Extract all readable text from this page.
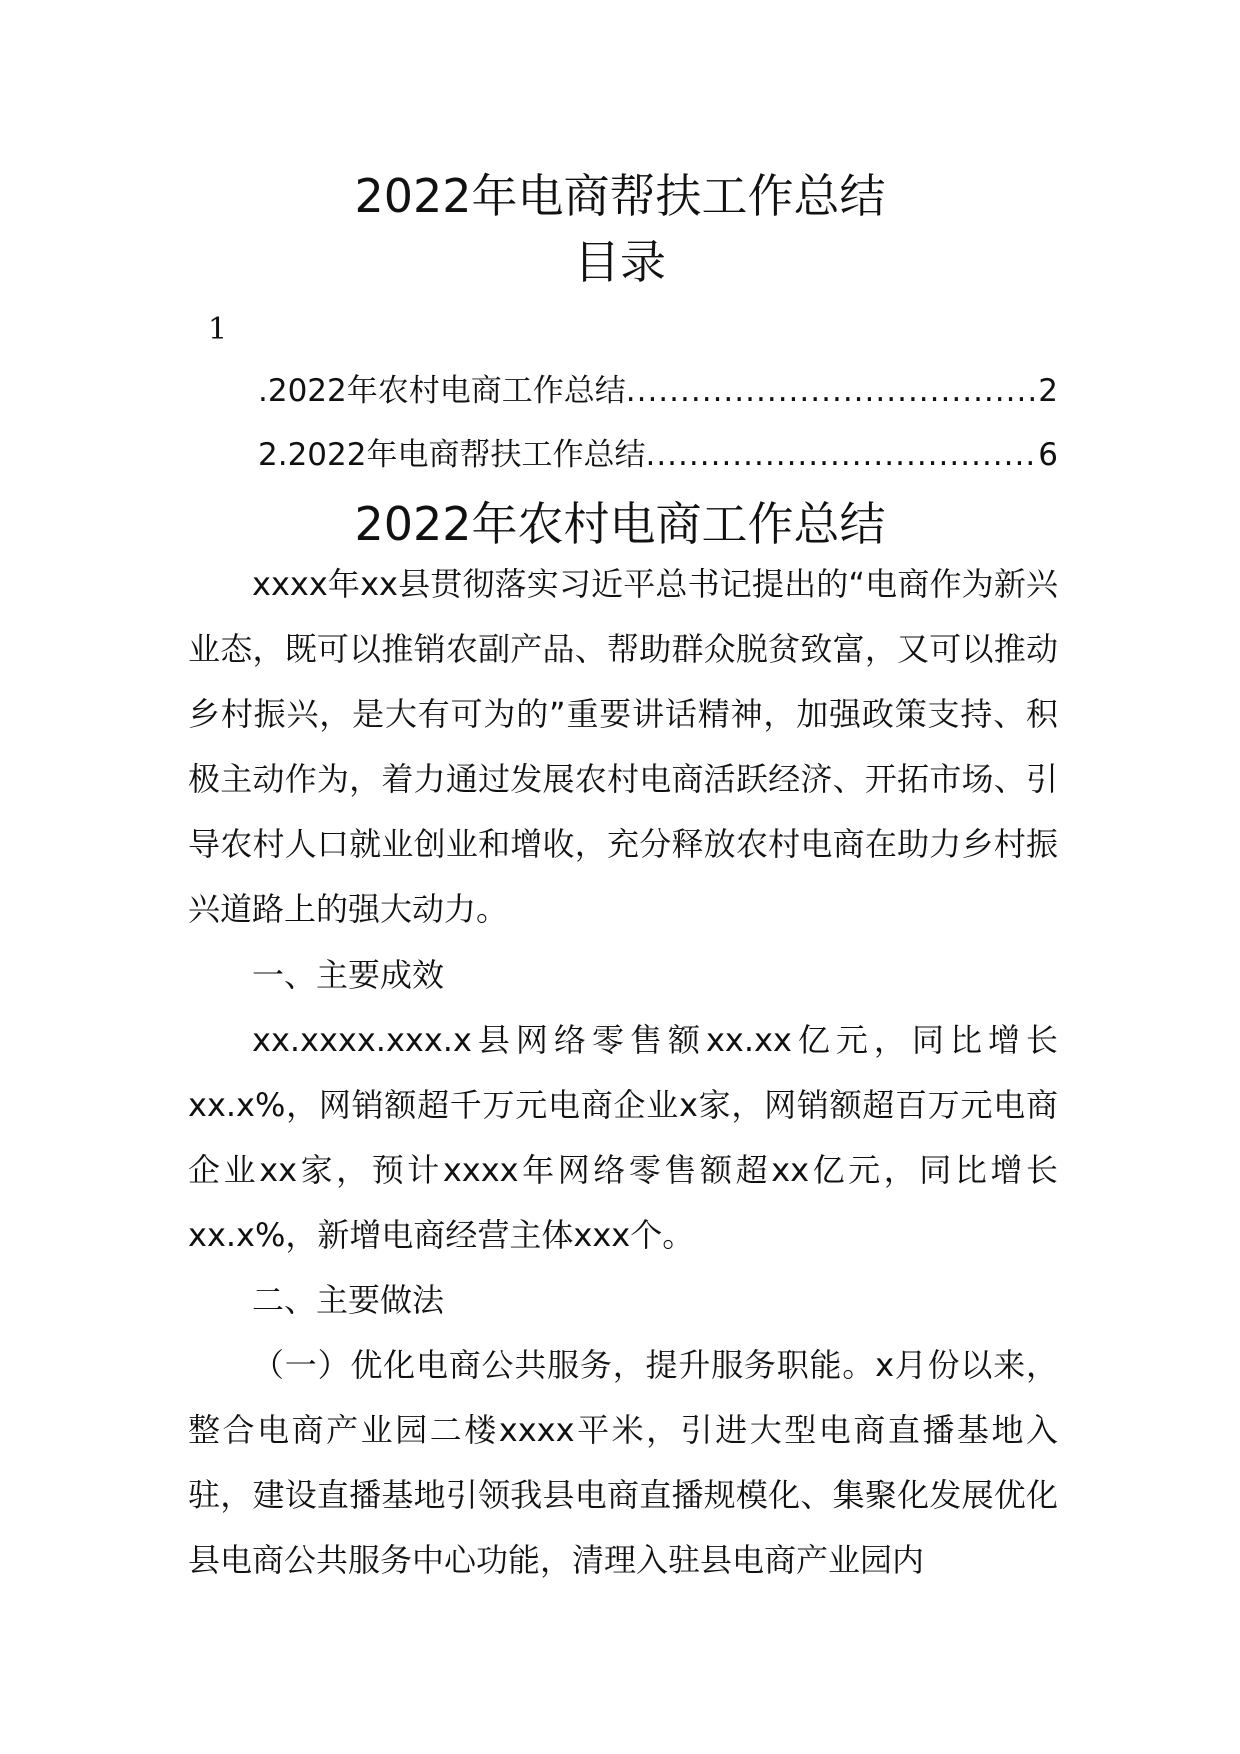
2022年电商帮扶工作总结
目录
1
.2022年农村电商工作总结 .....	2
2.2022年电商帮扶工作总结 .....	6
2022年农村电商工作总结

xxxx年xx县贯彻落实习近平总书记提出的“电商作为新兴业态，既可以推销农副产品、帮助群众脱贫致富，又可以推动乡村振兴，是大有可为的”重要讲话精神，加强政策支持、积极主动作为，着力通过发展农村电商活跃经济、开拓市场、引导农村人口就业创业和增收，充分释放农村电商在助力乡村振兴道路上的强大动力。

一、主要成效

xx.xxxx.xxx.x县网络零售额xx.xx亿元，同比增长xx.x%，网销额超千万元电商企业x家，网销额超百万元电商企业xx家，预计xxxx年网络零售额超xx亿元，同比增长xx.x%，新增电商经营主体xxx个。

二、主要做法

（一）优化电商公共服务，提升服务职能。x月份以来，整合电商产业园二楼xxxx平米，引进大型电商直播基地入驻，建设直播基地引领我县电商直播规模化、集聚化发展优化县电商公共服务中心功能，清理入驻县电商产业园内
